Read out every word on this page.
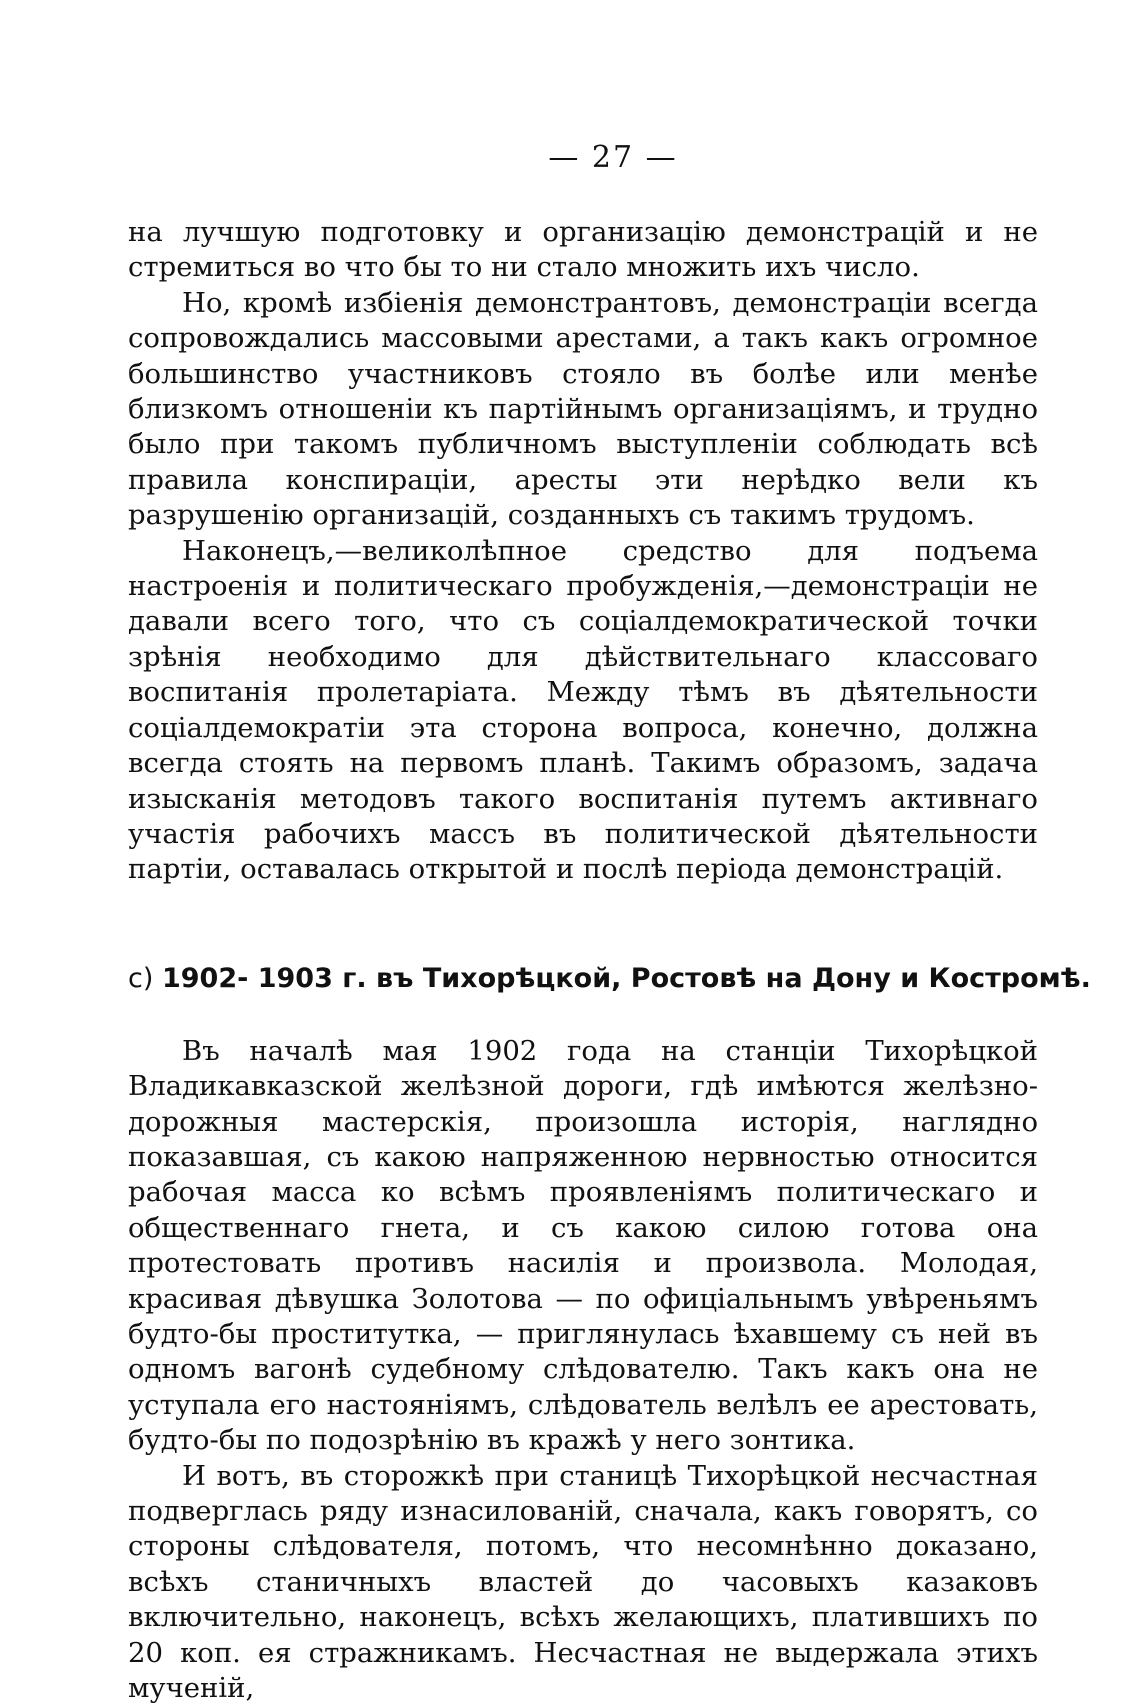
— 27 —

на лучшую подготовку и организацію демонстрацій и не стремиться во что бы то ни стало множить ихъ число.

Но, кромѣ избіенія демонстрантовъ, демонстраціи всегда сопровождались массовыми арестами, а такъ какъ огромное большинство участниковъ стояло въ болѣе или менѣе близкомъ отношеніи къ партійнымъ организаціямъ, и трудно было при такомъ публичномъ выступленіи соблюдать всѣ правила конспираціи, аресты эти нерѣдко вели къ разрушенію организацій, созданныхъ съ такимъ трудомъ.

Наконецъ,—великолѣпное средство для подъема настроенія и политическаго пробужденія,—демонстраціи не давали всего того, что съ соціалдемократической точки зрѣнія необходимо для дѣйствительнаго классоваго воспитанія пролетаріата. Между тѣмъ въ дѣятельности соціалдемократіи эта сторона вопроса, конечно, должна всегда стоять на первомъ планѣ. Такимъ образомъ, задача изысканія методовъ такого воспитанія путемъ активнаго участія рабочихъ массъ въ политической дѣятельности партіи, оставалась открытой и послѣ періода демонстрацій.

с) 1902- 1903 г. въ Тихорѣцкой, Ростовѣ на Дону и Костромѣ.

Въ началѣ мая 1902 года на станціи Тихорѣцкой Владикавказской желѣзной дороги, гдѣ имѣются желѣзно-дорожныя мастерскія, произошла исторія, наглядно показавшая, съ какою напряженною нервностью относится рабочая масса ко всѣмъ проявленіямъ политическаго и общественнаго гнета, и съ какою силою готова она протестовать противъ насилія и произвола. Молодая, красивая дѣвушка Золотова — по офиціальнымъ увѣреньямъ будто-бы проститутка, — приглянулась ѣхавшему съ ней въ одномъ вагонѣ судебному слѣдователю. Такъ какъ она не уступала его настояніямъ, слѣдователь велѣлъ ее арестовать, будто-бы по подозрѣнію въ кражѣ у него зонтика.

И вотъ, въ сторожкѣ при станицѣ Тихорѣцкой несчастная подверглась ряду изнасилованій, сначала, какъ говорятъ, со стороны слѣдователя, потомъ, что несомнѣнно доказано, всѣхъ станичныхъ властей до часовыхъ казаковъ включительно, наконецъ, всѣхъ желающихъ, платившихъ по 20 коп. ея стражникамъ. Несчастная не выдержала этихъ мученій,
